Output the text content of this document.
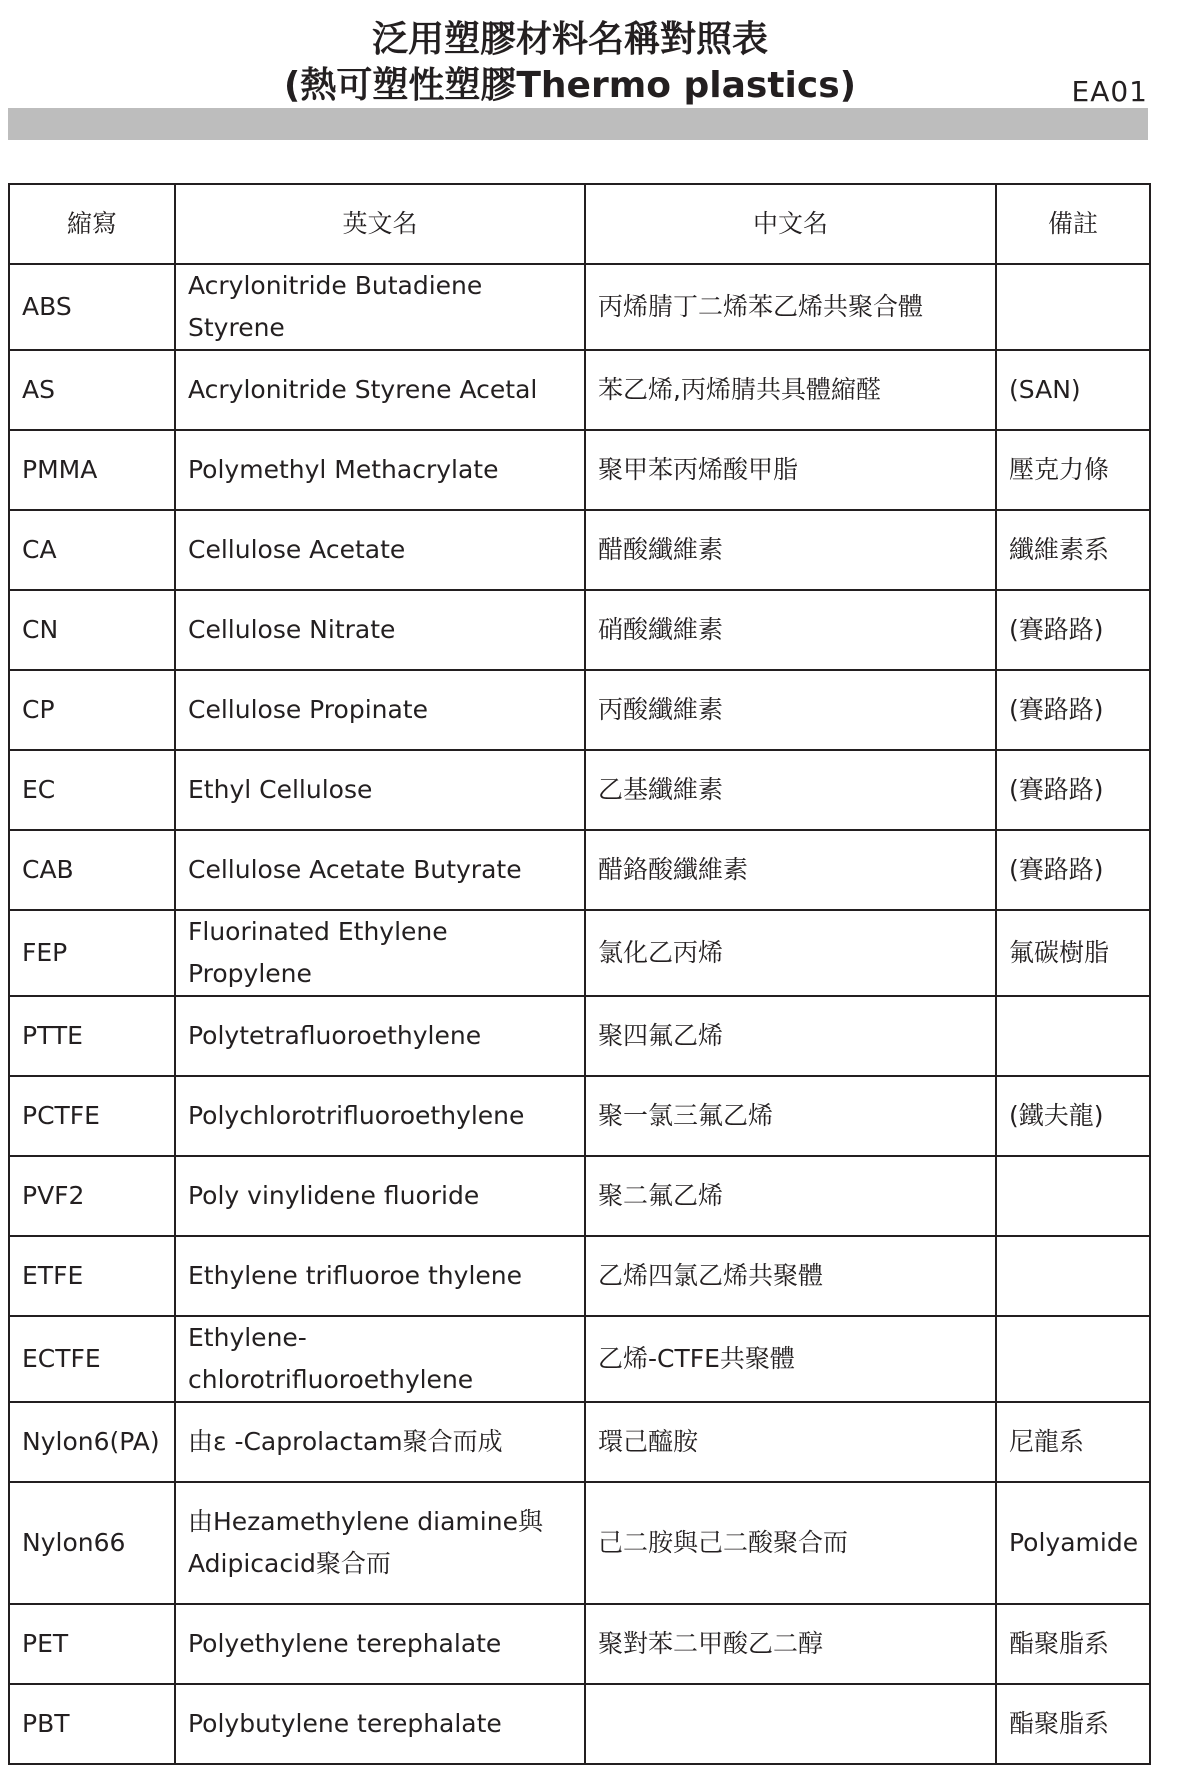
泛用塑膠材料名稱對照表
(熱可塑性塑膠Thermo plastics)	EA01
縮寫	英文名	中文名	備註
ABS	Acrylonitride Butadiene Styrene	丙烯腈丁二烯苯乙烯共聚合體	
AS	Acrylonitride Styrene Acetal	苯乙烯,丙烯腈共具體縮醛	(SAN)
PMMA	Polymethyl Methacrylate	聚甲苯丙烯酸甲脂	壓克力條
CA	Cellulose Acetate	醋酸纖維素	纖維素系
CN	Cellulose Nitrate	硝酸纖維素	(賽路路)
CP	Cellulose Propinate	丙酸纖維素	(賽路路)
EC	Ethyl Cellulose	乙基纖維素	(賽路路)
CAB	Cellulose Acetate Butyrate	醋鉻酸纖維素	(賽路路)
FEP	Fluorinated Ethylene Propylene	氯化乙丙烯	氟碳樹脂
PTTE	Polytetrafluoroethylene	聚四氟乙烯	
PCTFE	Polychlorotrifluoroethylene	聚一氯三氟乙烯	(鐵夫龍)
PVF2	Poly vinylidene fluoride	聚二氟乙烯	
ETFE	Ethylene trifluoroe thylene	乙烯四氯乙烯共聚體	
ECTFE	Ethylene-chlorotrifluoroethylene	乙烯-CTFE共聚體	
Nylon6(PA)	由ε -Caprolactam聚合而成	環己醯胺	尼龍系
Nylon66	由Hezamethylene diamine與 Adipicacid聚合而	己二胺與己二酸聚合而	Polyamide
PET	Polyethylene terephalate	聚對苯二甲酸乙二醇	酯聚脂系
PBT	Polybutylene terephalate		酯聚脂系
